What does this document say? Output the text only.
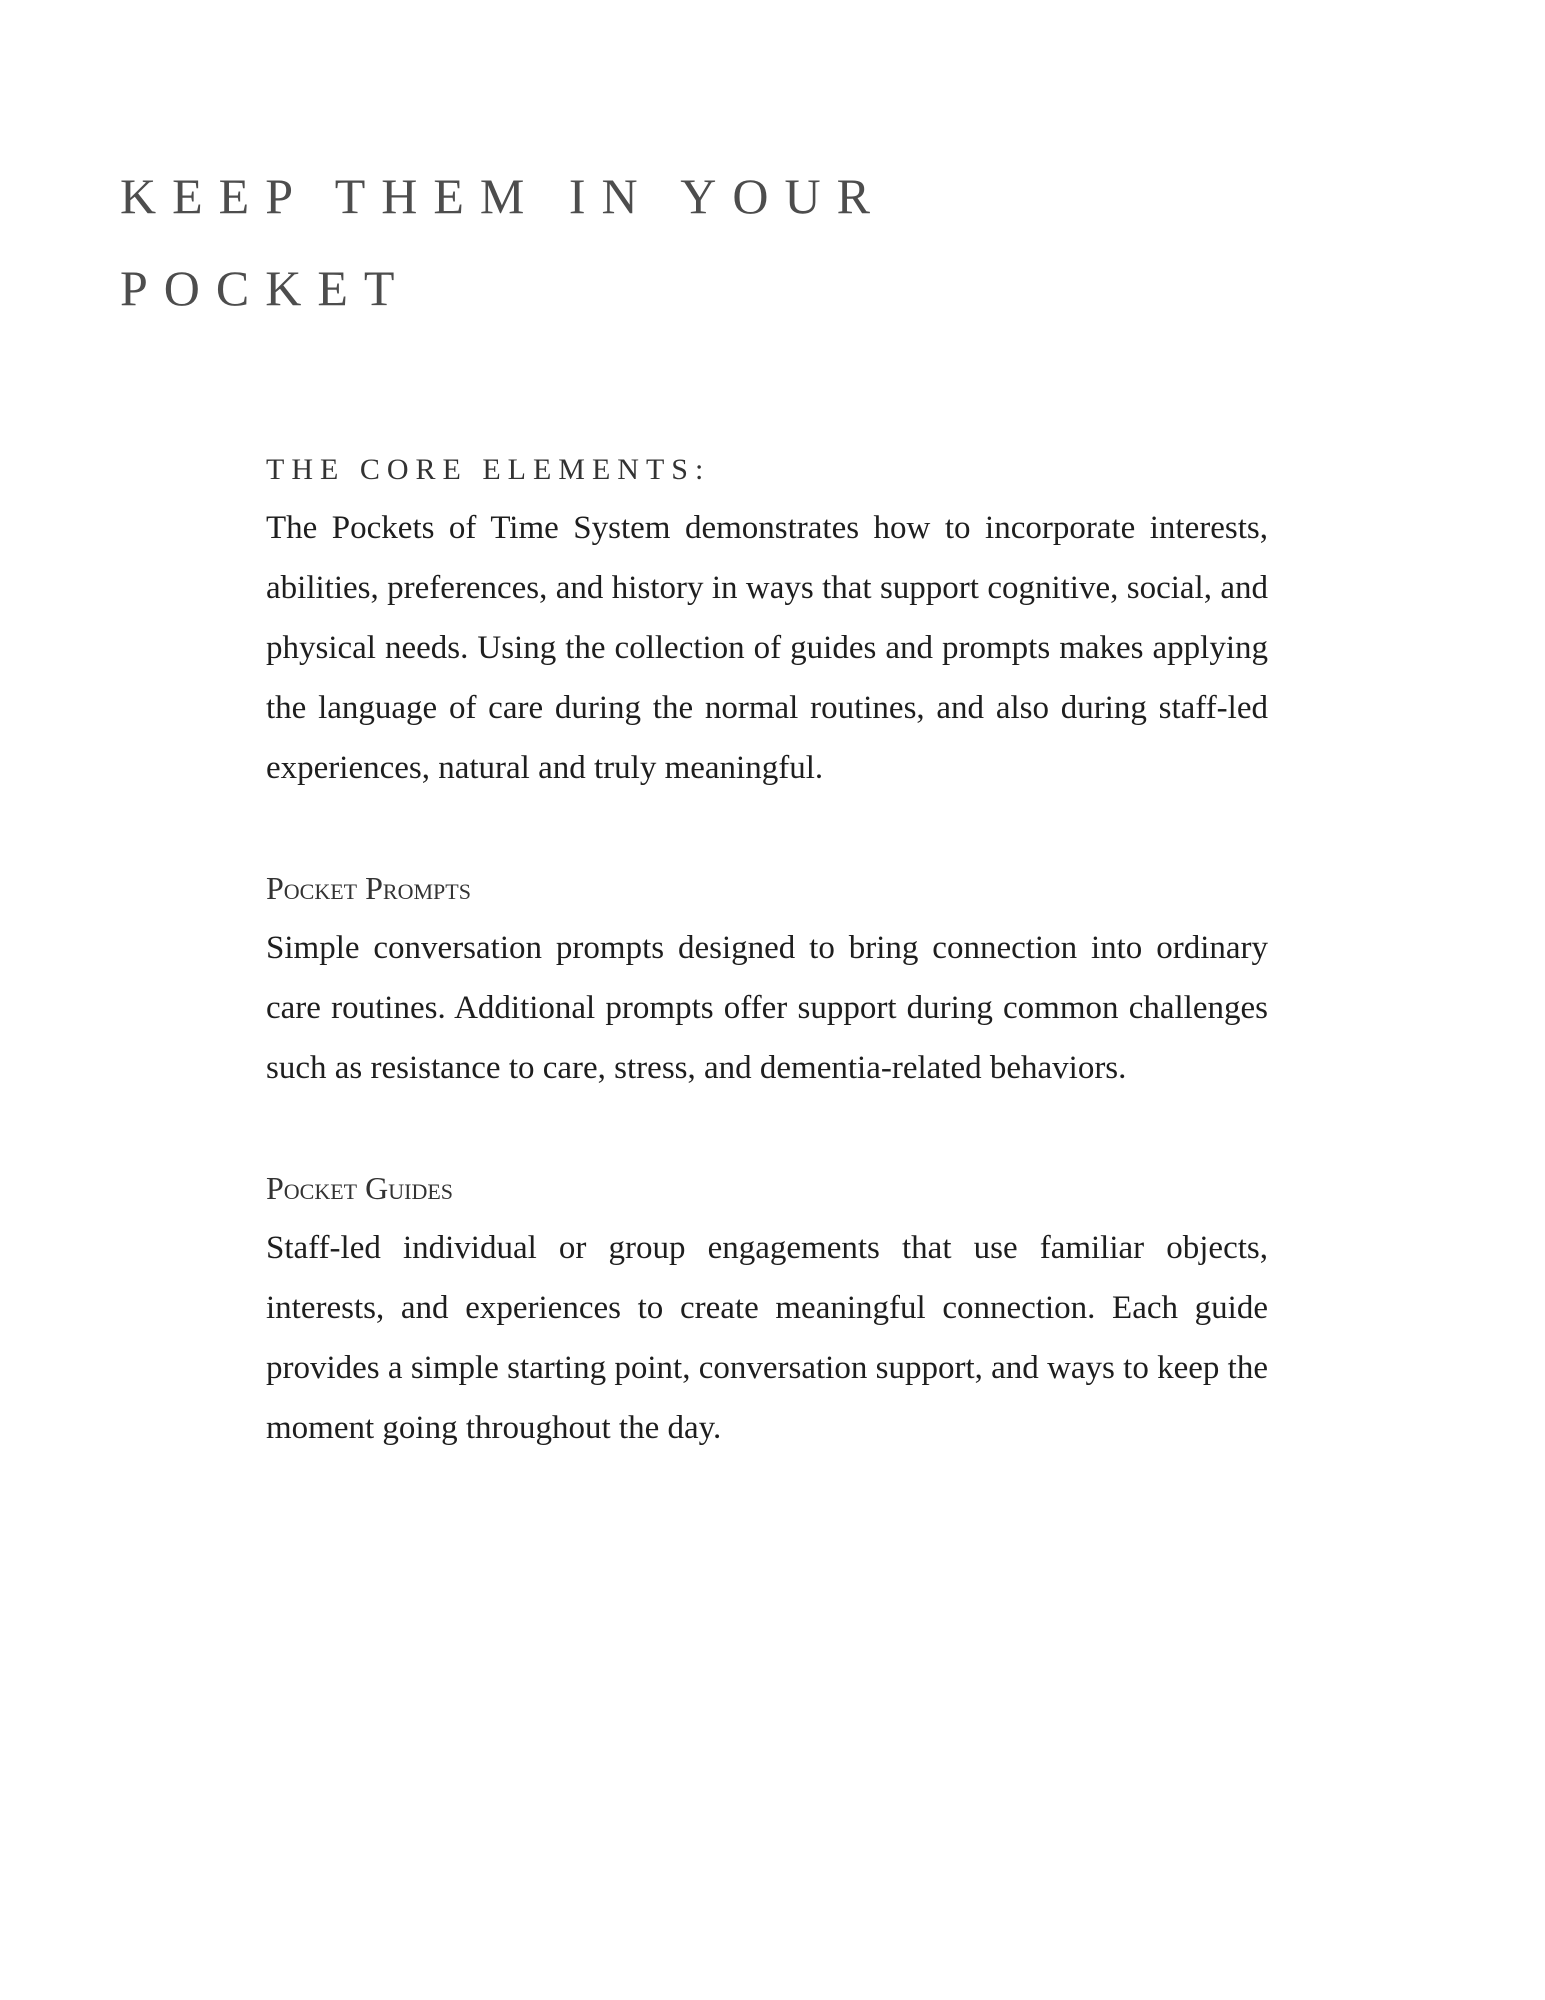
KEEP THEM IN YOUR POCKET
THE CORE ELEMENTS:

The Pockets of Time System demonstrates how to incorporate interests, abilities, preferences, and history in ways that support cognitive, social, and physical needs. Using the collection of guides and prompts makes applying the language of care during the normal routines, and also during staff-led experiences, natural and truly meaningful.

Pocket Prompts

Simple conversation prompts designed to bring connection into ordinary care routines. Additional prompts offer support during common challenges such as resistance to care, stress, and dementia-related behaviors.

Pocket Guides

Staff-led individual or group engagements that use familiar objects, interests, and experiences to create meaningful connection. Each guide provides a simple starting point, conversation support, and ways to keep the moment going throughout the day.
